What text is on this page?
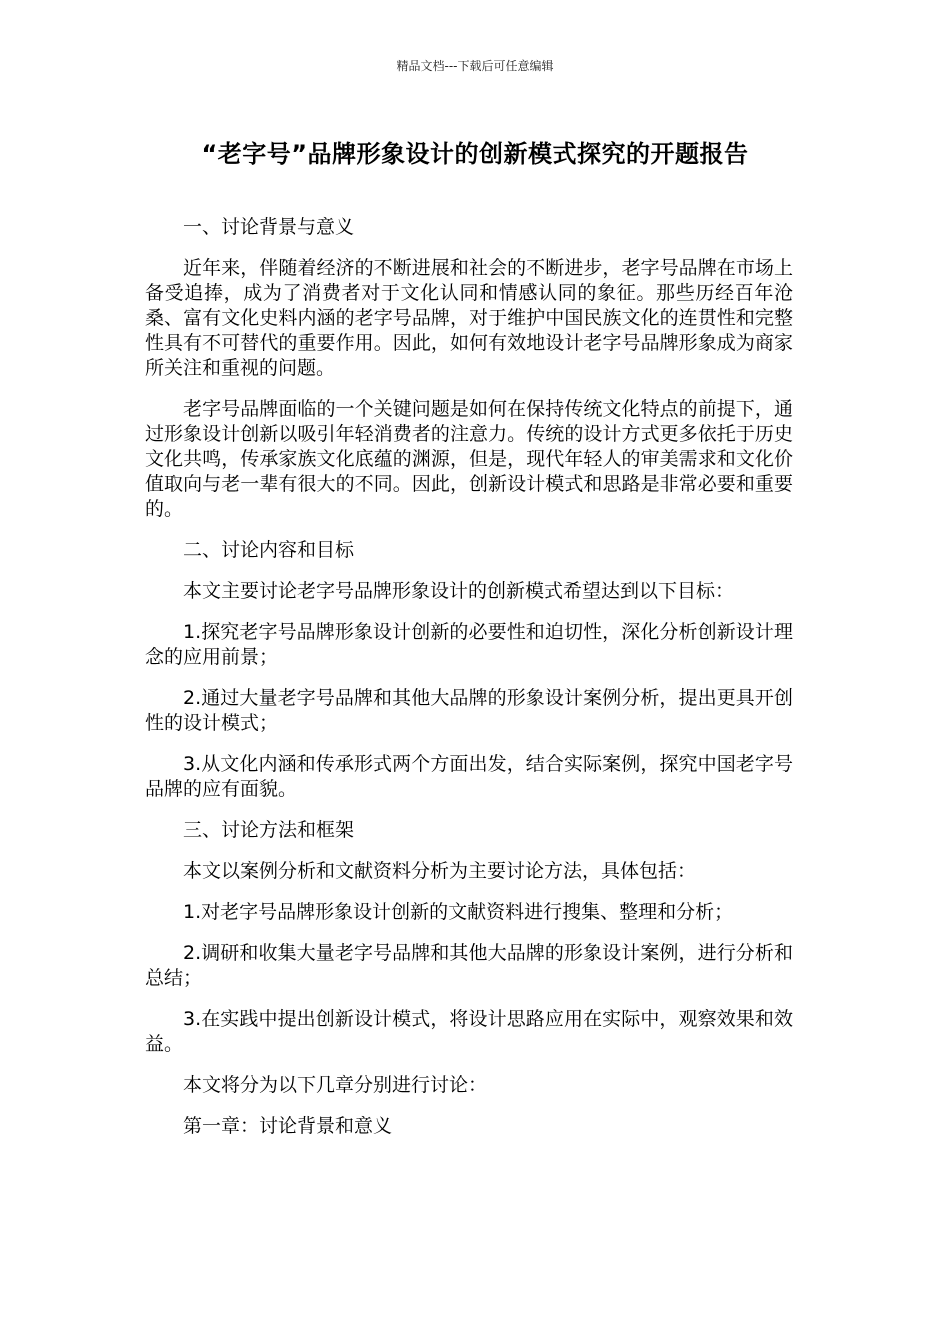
精品文档---下载后可任意编辑
“老字号”品牌形象设计的创新模式探究的开题报告

一、讨论背景与意义

近年来，伴随着经济的不断进展和社会的不断进步，老字号品牌在市场上备受追捧，成为了消费者对于文化认同和情感认同的象征。那些历经百年沧桑、富有文化史料内涵的老字号品牌，对于维护中国民族文化的连贯性和完整性具有不可替代的重要作用。因此，如何有效地设计老字号品牌形象成为商家所关注和重视的问题。

老字号品牌面临的一个关键问题是如何在保持传统文化特点的前提下，通过形象设计创新以吸引年轻消费者的注意力。传统的设计方式更多依托于历史文化共鸣，传承家族文化底蕴的渊源，但是，现代年轻人的审美需求和文化价值取向与老一辈有很大的不同。因此，创新设计模式和思路是非常必要和重要的。

二、讨论内容和目标

本文主要讨论老字号品牌形象设计的创新模式希望达到以下目标：

1.探究老字号品牌形象设计创新的必要性和迫切性，深化分析创新设计理念的应用前景；

2.通过大量老字号品牌和其他大品牌的形象设计案例分析，提出更具开创性的设计模式；

3.从文化内涵和传承形式两个方面出发，结合实际案例，探究中国老字号品牌的应有面貌。

三、讨论方法和框架

本文以案例分析和文献资料分析为主要讨论方法，具体包括：

1.对老字号品牌形象设计创新的文献资料进行搜集、整理和分析；

2.调研和收集大量老字号品牌和其他大品牌的形象设计案例，进行分析和总结；

3.在实践中提出创新设计模式，将设计思路应用在实际中，观察效果和效益。

本文将分为以下几章分别进行讨论：

第一章：讨论背景和意义
